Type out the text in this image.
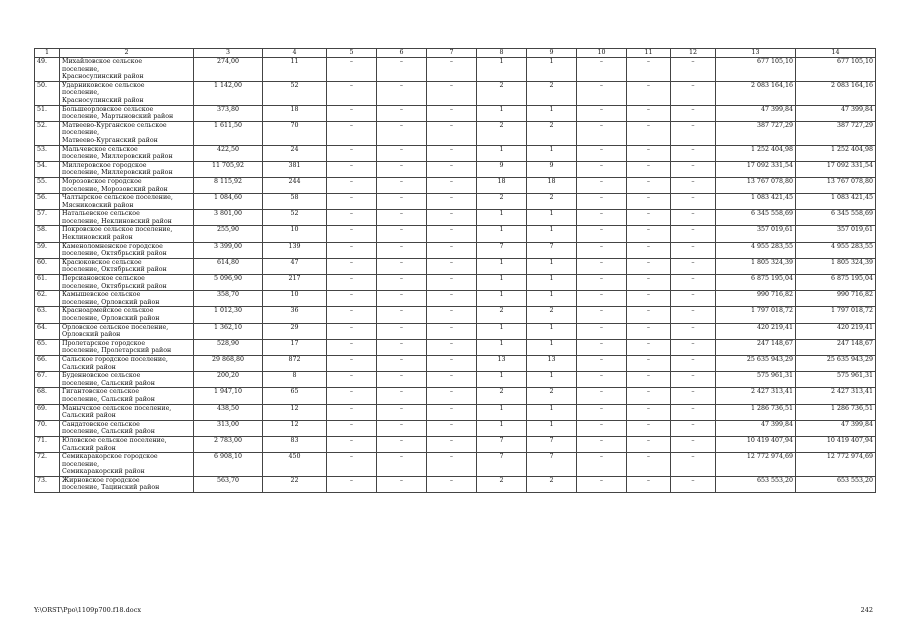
1	2	3	4	5	6	7	8	9	10	11	12	13	14
49.	Михайловское сельское
поселение,
Красносулинский район	274,00	11	–	–	–	1	1	–	–	–	677 105,10	677 105,10
50.	Ударниковское сельское
поселение,
Красносулинский район	1 142,00	52	–	–	–	2	2	–	–	–	2 083 164,16	2 083 164,16
51.	Большеорловское сельское
поселение, Мартыновский район	373,80	18	–	–	–	1	1	–	–	–	47 399,84	47 399,84
52.	Матвеево-Курганское сельское
поселение,
Матвеево-Курганский район	1 611,50	70	–	–	–	2	2	–	–	–	387 727,29	387 727,29
53.	Мальчевское сельское
поселение, Миллеровский район	422,50	24	–	–	–	1	1	–	–	–	1 252 404,98	1 252 404,98
54.	Миллеровское городское
поселение, Миллеровский район	11 705,92	381	–	–	–	9	9	–	–	–	17 092 331,54	17 092 331,54
55.	Морозовское городское
поселение, Морозовский район	8 115,92	244	–	–	–	18	18	–	–	–	13 767 078,80	13 767 078,80
56.	Чалтырское сельское поселение,
Мясниковский район	1 084,60	58	–	–	–	2	2	–	–	–	1 083 421,45	1 083 421,45
57.	Натальевское сельское
поселение, Неклиновский район	3 801,00	52	–	–	–	1	1	–	–	–	6 345 558,69	6 345 558,69
58.	Покровское сельское поселение,
Неклиновский район	255,90	10	–	–	–	1	1	–	–	–	357 019,61	357 019,61
59.	Каменоломненское городское
поселение, Октябрьский район	3 399,00	139	–	–	–	7	7	–	–	–	4 955 283,55	4 955 283,55
60.	Красюковское сельское
поселение, Октябрьский район	614,80	47	–	–	–	1	1	–	–	–	1 805 324,39	1 805 324,39
61.	Персиановское сельское
поселение, Октябрьский район	5 096,90	217	–	–	–	1	1	–	–	–	6 875 195,04	6 875 195,04
62.	Камышевское сельское
поселение, Орловский район	358,70	10	–	–	–	1	1	–	–	–	990 716,82	990 716,82
63.	Красноармейское сельское
поселение, Орловский район	1 012,30	36	–	–	–	2	2	–	–	–	1 797 018,72	1 797 018,72
64.	Орловское сельское поселение,
Орловский район	1 362,10	29	–	–	–	1	1	–	–	–	420 219,41	420 219,41
65.	Пролетарское городское
поселение, Пролетарский район	528,90	17	–	–	–	1	1	–	–	–	247 148,67	247 148,67
66.	Сальское городское поселение,
Сальский район	29 868,80	872	–	–	–	13	13	–	–	–	25 635 943,29	25 635 943,29
67.	Буденновское сельское
поселение, Сальский район	200,20	8	–	–	–	1	1	–	–	–	575 961,31	575 961,31
68.	Гигантовское сельское
поселение, Сальский район	1 947,10	65	–	–	–	2	2	–	–	–	2 427 313,41	2 427 313,41
69.	Манычское сельское поселение,
Сальский район	438,50	12	–	–	–	1	1	–	–	–	1 286 736,51	1 286 736,51
70.	Сандатовское сельское
поселение, Сальский район	313,00	12	–	–	–	1	1	–	–	–	47 399,84	47 399,84
71.	Юловское сельское поселение,
Сальский район	2 783,00	83	–	–	–	7	7	–	–	–	10 419 407,94	10 419 407,94
72.	Семикаракорское городское
поселение,
Семикаракорский район	6 908,10	450	–	–	–	7	7	–	–	–	12 772 974,69	12 772 974,69
73.	Жирновское городское
поселение, Тацинский район	563,70	22	–	–	–	2	2	–	–	–	653 553,20	653 553,20
Y:\ORST\Ppo\1109p700.f18.docx	242
